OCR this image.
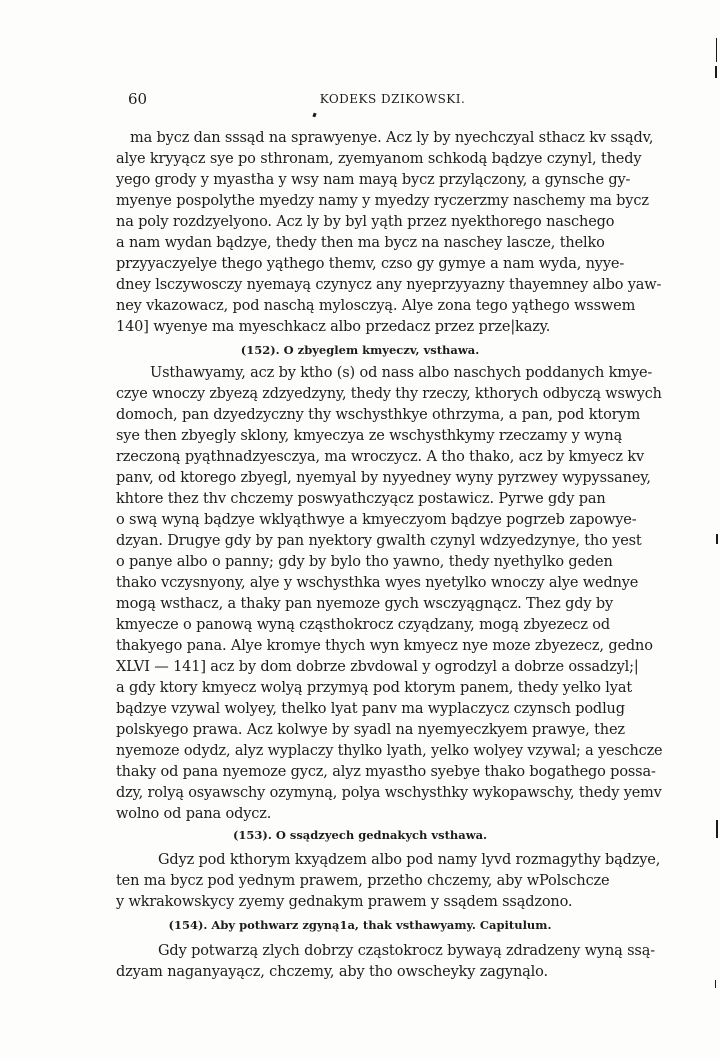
60	KODEKS DZIKOWSKI.
ma bycz dan sssąd na sprawyenye. Acz ly by nyechczyal sthacz kv ssądv,
alye kryyącz sye po sthronam, zyemyanom schkodą bądzye czynyl, thedy
yego grody y myastha y wsy nam mayą bycz przylączony, a gynsche gy-
myenye pospolythe myedzy namy y myedzy ryczerzmy naschemy ma bycz
na poly rozdzyelyono. Acz ly by byl yąth przez nyekthorego naschego
a nam wydan bądzye, thedy then ma bycz na naschey lascze, thelko
przyyaczyelye thego yąthego themv, czso gy gymye a nam wyda, nyye-
dney lsczywosczy nyemayą czynycz any nyeprzyyazny thayemney albo yaw-
ney vkazowacz, pod naschą mylosczyą. Alye zona tego yąthego wsswem
140] wyenye ma myeschkacz albo przedacz przez prze|kazy.
(152). O zbyeglem kmyeczv, vsthawa.
Usthawyamy, acz by ktho (s) od nass albo naschych poddanych kmye-
czye wnoczy zbyezą zdzyedzyny, thedy thy rzeczy, kthorych odbyczą wswych
domoch, pan dzyedzyczny thy wschysthkye othrzyma, a pan, pod ktorym
sye then zbyegly sklony, kmyeczya ze wschysthkymy rzeczamy y wyną
rzeczoną pyąthnadzyesczya, ma wroczycz. A tho thako, acz by kmyecz kv
panv, od ktorego zbyegl, nyemyal by nyyedney wyny pyrzwey wypyssaney,
khtore thez thv chczemy poswyathczyącz postawicz. Pyrwe gdy pan
o swą wyną bądzye wklyąthwye a kmyeczyom bądzye pogrzeb zapowye-
dzyan. Drugye gdy by pan nyektory gwalth czynyl wdzyedzynye, tho yest
o panye albo o panny; gdy by bylo tho yawno, thedy nyethylko geden
thako vczysnyony, alye y wschysthka wyes nyetylko wnoczy alye wednye
mogą wsthacz, a thaky pan nyemoze gych wsczyągnącz. Thez gdy by
kmyecze o panową wyną cząsthokrocz czyądzany, mogą zbyezecz od
thakyego pana. Alye kromye thych wyn kmyecz nye moze zbyezecz, gedno
XLVI — 141] acz by dom dobrze zbvdowal y ogrodzyl a dobrze ossadzyl;|
a gdy ktory kmyecz wolyą przymyą pod ktorym panem, thedy yelko lyat
bądzye vzywal wolyey, thelko lyat panv ma wyplaczycz czynsch podlug
polskyego prawa. Acz kolwye by syadl na nyemyeczkyem prawye, thez
nyemoze odydz, alyz wyplaczy thylko lyath, yelko wolyey vzywal; a yeschcze
thaky od pana nyemoze gycz, alyz myastho syebye thako bogathego possa-
dzy, rolyą osyawschy ozymyną, polya wschysthky wykopawschy, thedy yemv
wolno od pana odycz.
(153). O ssądzyech gednakych vsthawa.
Gdyz pod kthorym kxyądzem albo pod namy lyvd rozmagythy bądzye,
ten ma bycz pod yednym prawem, przetho chczemy, aby wPolschcze
y wkrakowskycy zyemy gednakym prawem y ssądem ssądzono.
(154). Aby pothwarz zgyną1a, thak vsthawyamy. Capitulum.
Gdy potwarzą zlych dobrzy cząstokrocz bywayą zdradzeny wyną ssą-
dzyam naganyayącz, chczemy, aby tho owscheyky zagynąlo.
